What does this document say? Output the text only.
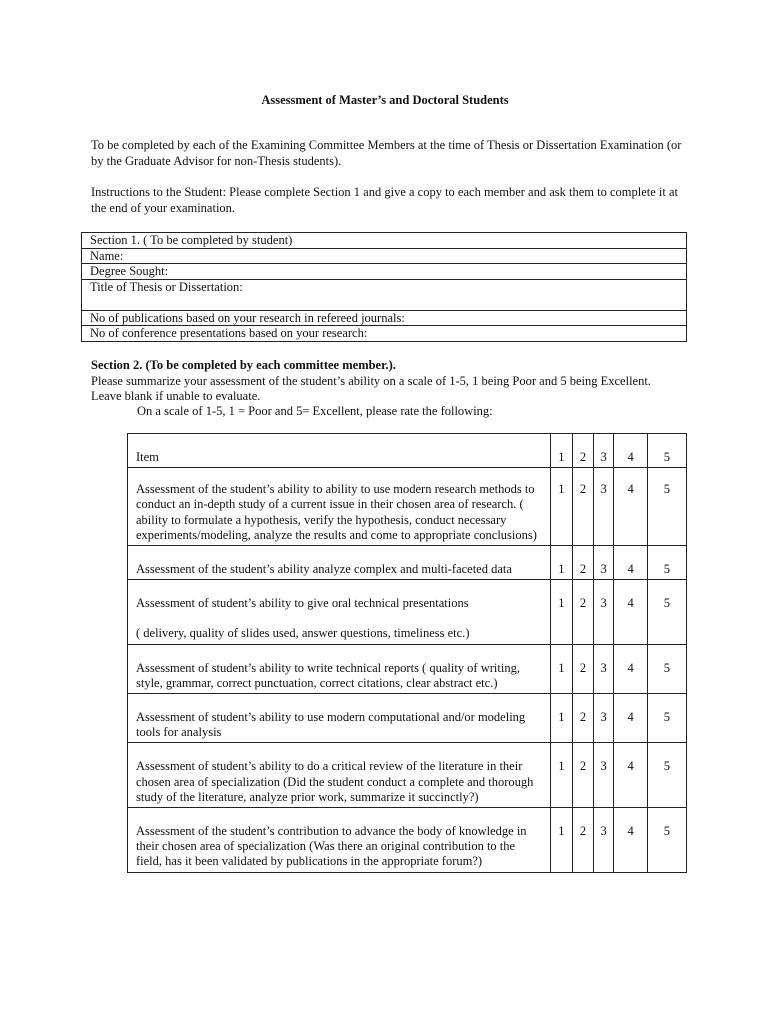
Assessment of Master’s and Doctoral Students
To be completed by each of the Examining Committee Members at the time of Thesis or Dissertation Examination (or by the Graduate Advisor for non-Thesis students).
Instructions to the Student: Please complete Section 1 and give a copy to each member and ask them to complete it at the end of your examination.
Section 1. ( To be completed by student)
Name:
Degree Sought:
Title of Thesis or Dissertation:
No of publications based on your research in refereed journals:
No of conference presentations based on your research:
Section 2. (To be completed by each committee member.).
Please summarize your assessment of the student’s ability on a scale of 1-5, 1 being Poor and 5 being Excellent.
Leave blank if unable to evaluate.
On a scale of 1-5, 1 = Poor and 5= Excellent, please rate the following:
Item	1	2	3	4	5
Assessment of the student’s ability to ability to use modern research methods to conduct an in-depth study of a current issue in their chosen area of research. ( ability to formulate a hypothesis, verify the hypothesis, conduct necessary experiments/modeling, analyze the results and come to appropriate conclusions)	1	2	3	4	5
Assessment of the student’s ability analyze complex and multi-faceted data	1	2	3	4	5
Assessment of student’s ability to give oral technical presentations
( delivery, quality of slides used, answer questions, timeliness etc.)	1	2	3	4	5
Assessment of student’s ability to write technical reports ( quality of writing, style, grammar, correct punctuation, correct citations, clear abstract etc.)	1	2	3	4	5
Assessment of student’s ability to use modern computational and/or modeling tools for analysis	1	2	3	4	5
Assessment of student’s ability to do a critical review of the literature in their chosen area of specialization (Did the student conduct a complete and thorough study of the literature, analyze prior work, summarize it succinctly?)	1	2	3	4	5
Assessment of the student’s contribution to advance the body of knowledge in their chosen area of specialization (Was there an original contribution to the field, has it been validated by publications in the appropriate forum?)	1	2	3	4	5
